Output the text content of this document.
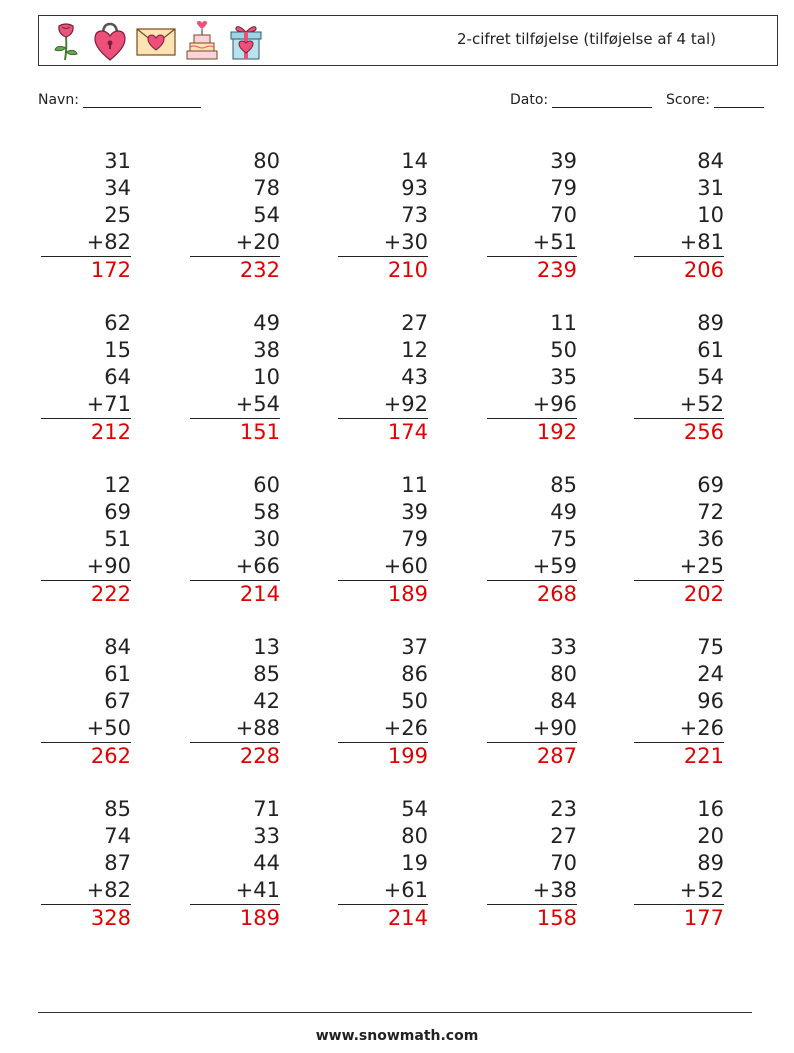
2-cifret tilføjelse (tilføjelse af 4 tal)
Navn:	Dato:	Score:
31
34
25
+82
172
80
78
54
+20
232
14
93
73
+30
210
39
79
70
+51
239
84
31
10
+81
206
62
15
64
+71
212
49
38
10
+54
151
27
12
43
+92
174
11
50
35
+96
192
89
61
54
+52
256
12
69
51
+90
222
60
58
30
+66
214
11
39
79
+60
189
85
49
75
+59
268
69
72
36
+25
202
84
61
67
+50
262
13
85
42
+88
228
37
86
50
+26
199
33
80
84
+90
287
75
24
96
+26
221
85
74
87
+82
328
71
33
44
+41
189
54
80
19
+61
214
23
27
70
+38
158
16
20
89
+52
177
www.snowmath.com
